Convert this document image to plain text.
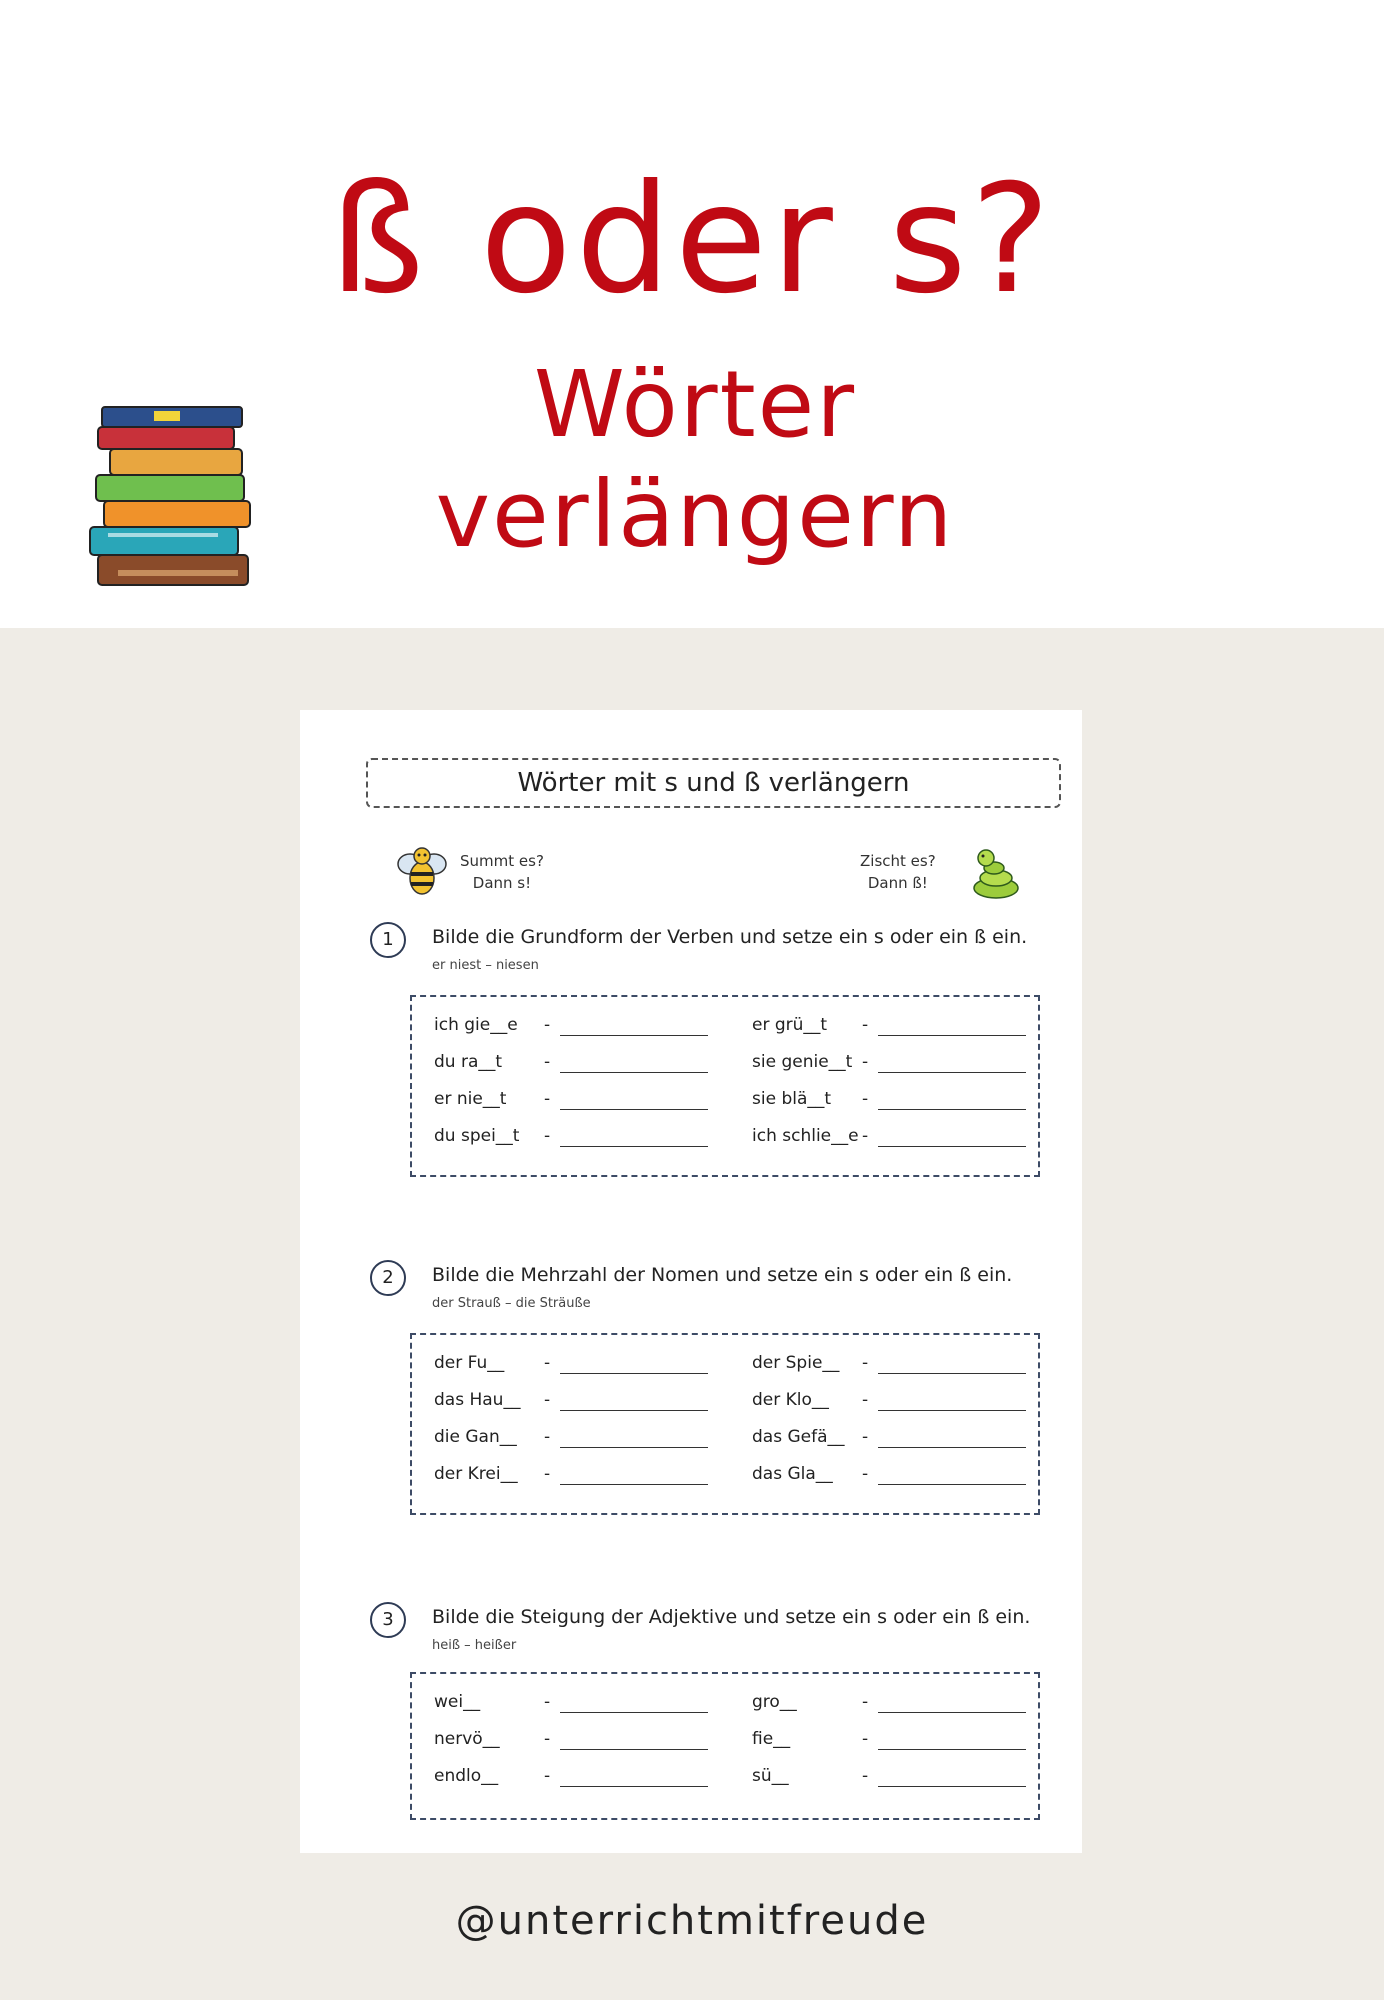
ß oder s?
Wörter verlängern
Wörter mit s und ß verlängern
Summt es?
Dann s!
Zischt es?
Dann ß!
1	Bilde die Grundform der Verben und setze ein s oder ein ß ein.
er niest – niesen
ich gie__e -	er grü__t -
du ra__t -	sie genie__t -
er nie__t -	sie blä__t -
du spei__t -	ich schlie__e -
2	Bilde die Mehrzahl der Nomen und setze ein s oder ein ß ein.
der Strauß – die Sträuße
der Fu__ -	der Spie__ -
das Hau__ -	der Klo__ -
die Gan__ -	das Gefä__ -
der Krei__ -	das Gla__ -
3	Bilde die Steigung der Adjektive und setze ein s oder ein ß ein.
heiß – heißer
wei__	-	gro__	-
nervö__	-	fie__	-
endlo__	-	sü__	-
@unterrichtmitfreude
